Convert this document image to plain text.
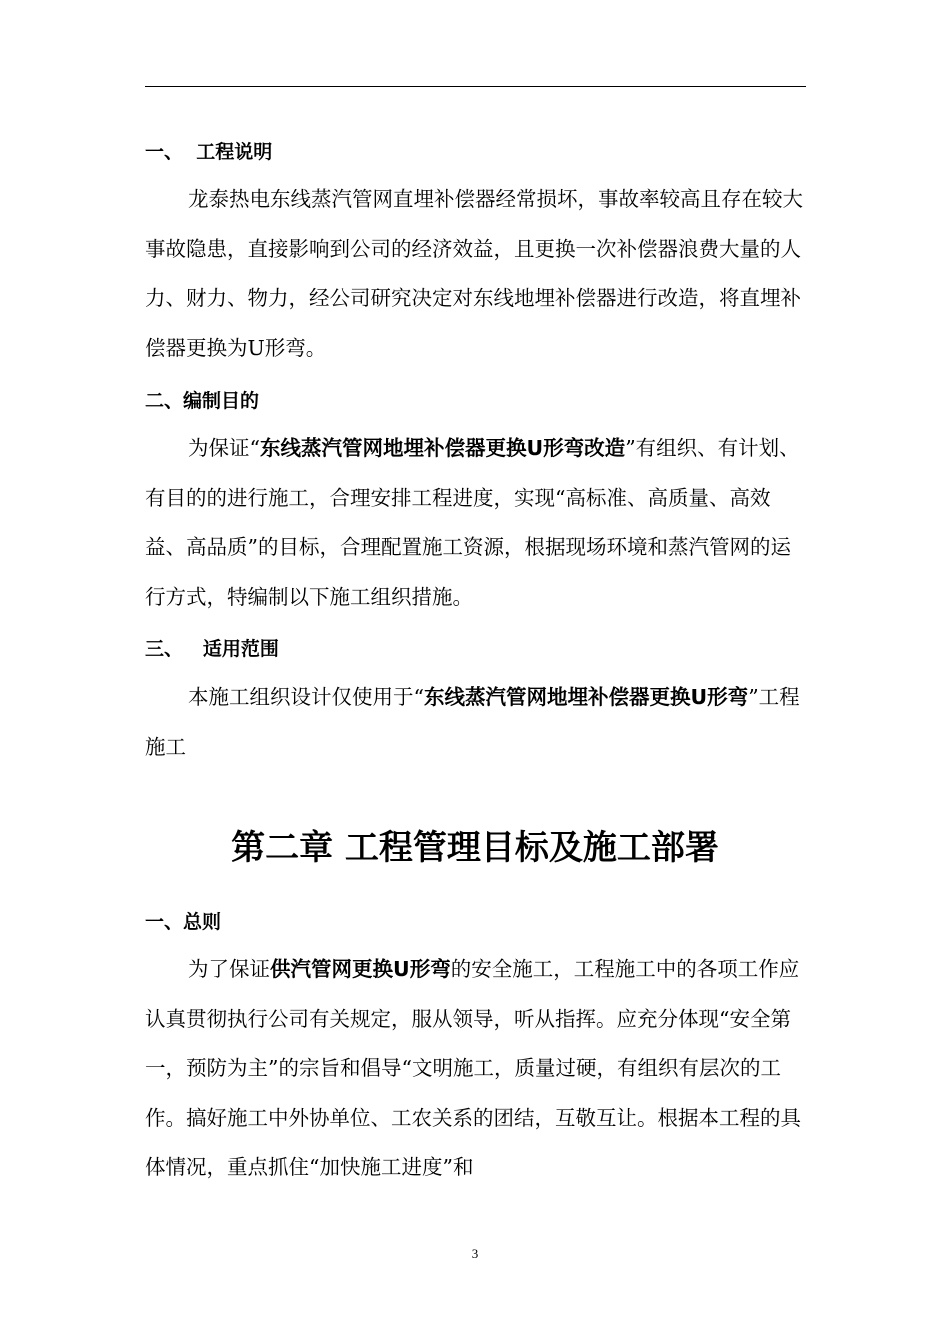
一、  工程说明

龙泰热电东线蒸汽管网直埋补偿器经常损坏，事故率较高且存在较大事故隐患，直接影响到公司的经济效益，且更换一次补偿器浪费大量的人力、财力、物力，经公司研究决定对东线地埋补偿器进行改造，将直埋补偿器更换为U形弯。

二、编制目的

为保证“东线蒸汽管网地埋补偿器更换U形弯改造”有组织、有计划、有目的的进行施工，合理安排工程进度，实现“高标准、高质量、高效益、高品质”的目标，合理配置施工资源，根据现场环境和蒸汽管网的运行方式，特编制以下施工组织措施。

三、   适用范围

本施工组织设计仅使用于“东线蒸汽管网地埋补偿器更换U形弯”工程施工

第二章 工程管理目标及施工部署
一、总则

为了保证供汽管网更换U形弯的安全施工，工程施工中的各项工作应认真贯彻执行公司有关规定，服从领导，听从指挥。应充分体现“安全第一，预防为主”的宗旨和倡导“文明施工，质量过硬，有组织有层次的工作。搞好施工中外协单位、工农关系的团结，互敬互让。根据本工程的具体情况，重点抓住“加快施工进度”和

3
